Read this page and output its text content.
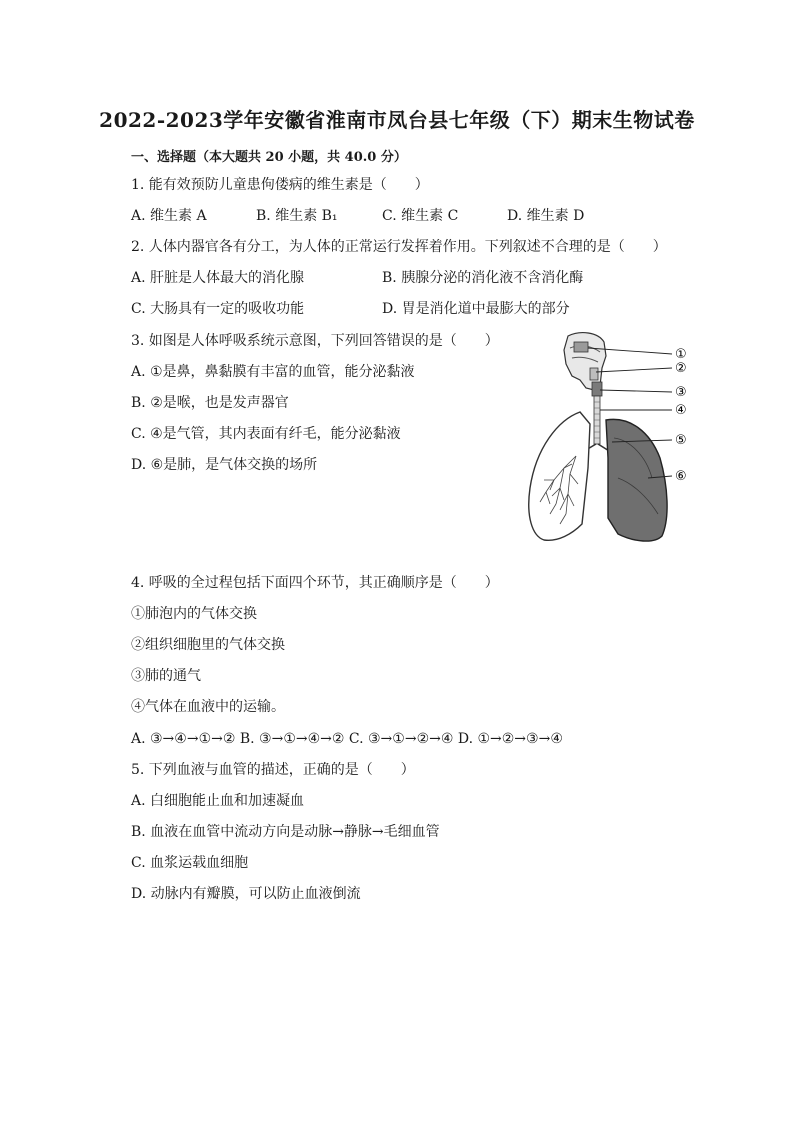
2022-2023学年安徽省淮南市凤台县七年级（下）期末生物试卷
一、选择题（本大题共 20 小题，共 40.0 分）
1. 能有效预防儿童患佝偻病的维生素是（　　）
A. 维生素 A	B. 维生素 B₁	C. 维生素 C	D. 维生素 D
2. 人体内器官各有分工，为人体的正常运行发挥着作用。下列叙述不合理的是（　　）
A. 肝脏是人体最大的消化腺	B. 胰腺分泌的消化液不含消化酶
C. 大肠具有一定的吸收功能	D. 胃是消化道中最膨大的部分
3. 如图是人体呼吸系统示意图，下列回答错误的是（　　）
A. ①是鼻，鼻黏膜有丰富的血管，能分泌黏液
B. ②是喉，也是发声器官
C. ④是气管，其内表面有纤毛，能分泌黏液
D. ⑥是肺，是气体交换的场所
①
②
③
④
⑤
⑥
4. 呼吸的全过程包括下面四个环节，其正确顺序是（　　）
①肺泡内的气体交换
②组织细胞里的气体交换
③肺的通气
④气体在血液中的运输。
A. ③→④→①→② B. ③→①→④→② C. ③→①→②→④ D. ①→②→③→④
5. 下列血液与血管的描述，正确的是（　　）
A. 白细胞能止血和加速凝血
B. 血液在血管中流动方向是动脉→静脉→毛细血管
C. 血浆运载血细胞
D. 动脉内有瓣膜，可以防止血液倒流
